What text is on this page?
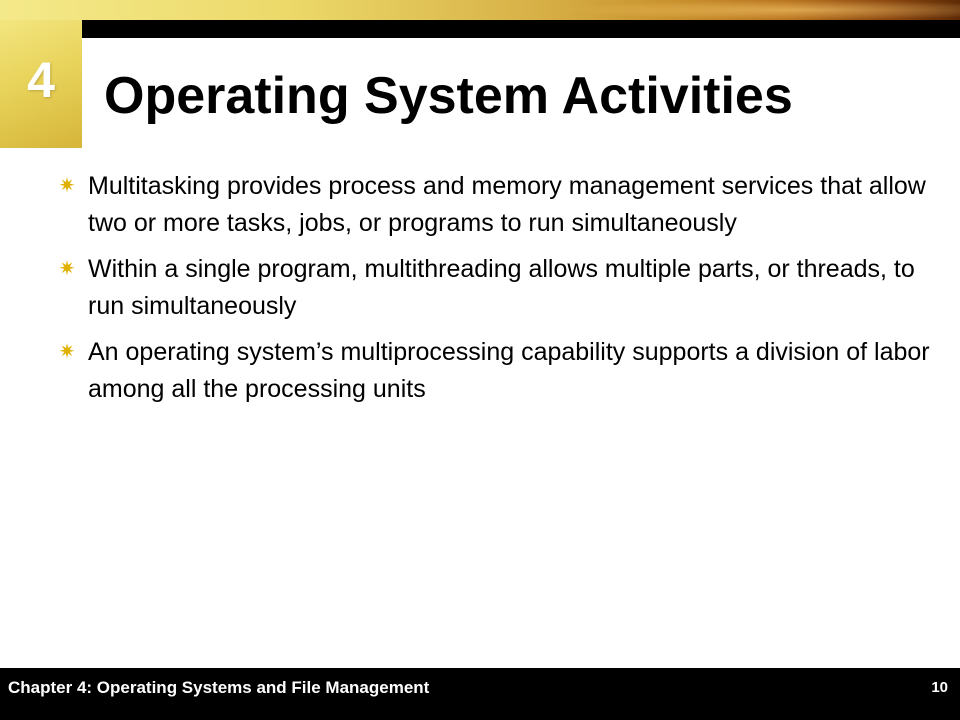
4 Operating System Activities
✷ Multitasking provides process and memory management services that allow two or more tasks, jobs, or programs to run simultaneously
✷ Within a single program, multithreading allows multiple parts, or threads, to run simultaneously
✷ An operating system’s multiprocessing capability supports a division of labor among all the processing units
Chapter 4: Operating Systems and File Management	10
